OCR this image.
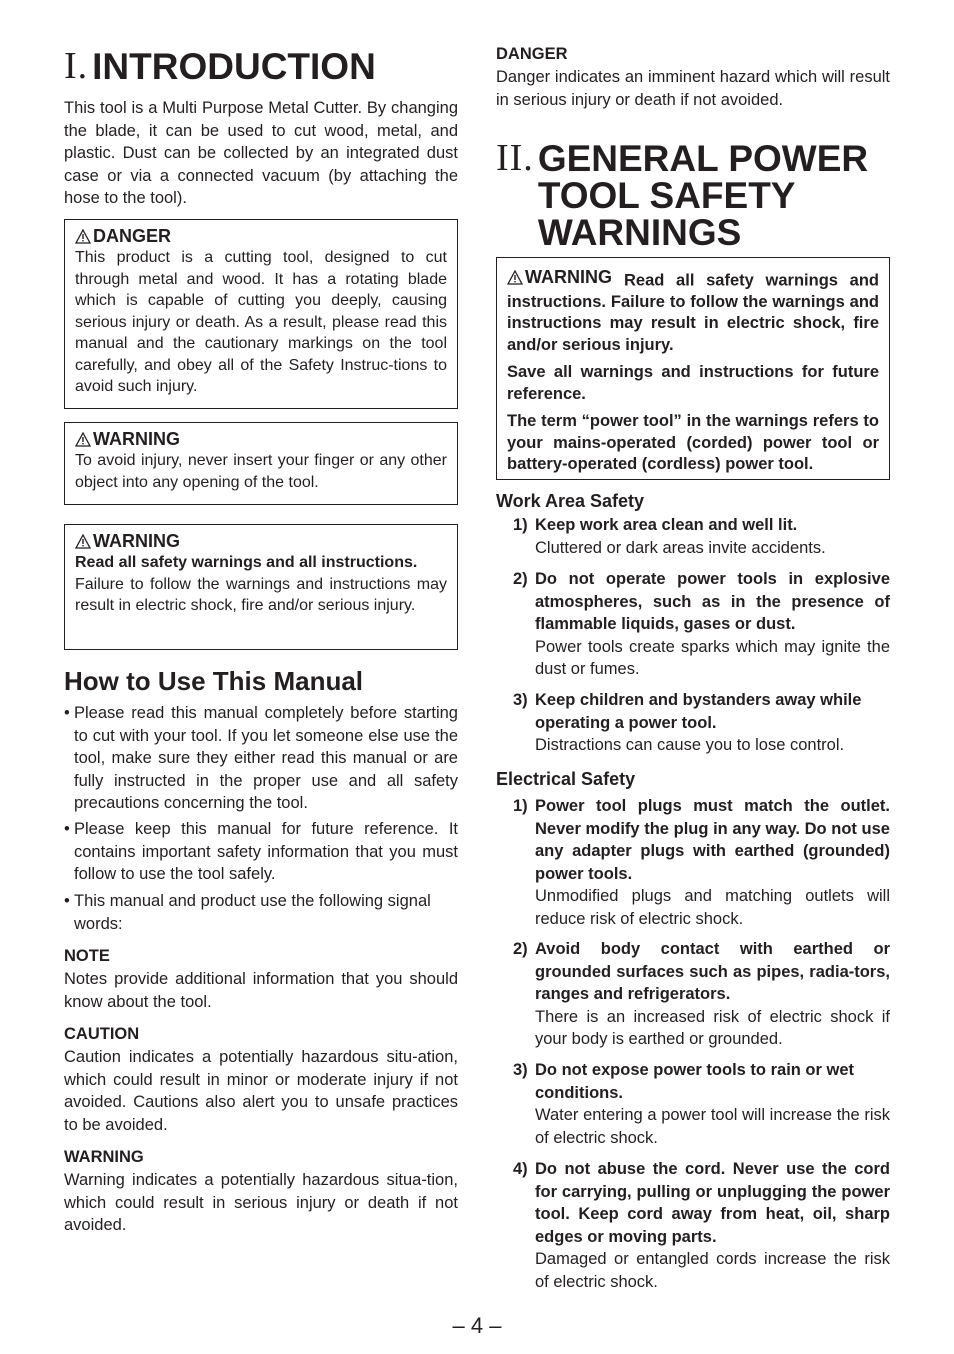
I. INTRODUCTION
This tool is a Multi Purpose Metal Cutter. By changing the blade, it can be used to cut wood, metal, and plastic. Dust can be collected by an integrated dust case or via a connected vacuum (by attaching the hose to the tool).
DANGER
This product is a cutting tool, designed to cut through metal and wood. It has a rotating blade which is capable of cutting you deeply, causing serious injury or death. As a result, please read this manual and the cautionary markings on the tool carefully, and obey all of the Safety Instruc-tions to avoid such injury.
WARNING
To avoid injury, never insert your finger or any other object into any opening of the tool.
WARNING
Read all safety warnings and all instructions.
Failure to follow the warnings and instructions may result in electric shock, fire and/or serious injury.
How to Use This Manual
• Please read this manual completely before starting to cut with your tool. If you let someone else use the tool, make sure they either read this manual or are fully instructed in the proper use and all safety precautions concerning the tool.
• Please keep this manual for future reference. It contains important safety information that you must follow to use the tool safely.
• This manual and product use the following signal words:
NOTE
Notes provide additional information that you should know about the tool.
CAUTION
Caution indicates a potentially hazardous situ-ation, which could result in minor or moderate injury if not avoided. Cautions also alert you to unsafe practices to be avoided.
WARNING
Warning indicates a potentially hazardous situa-tion, which could result in serious injury or death if not avoided.
DANGER
Danger indicates an imminent hazard which will result in serious injury or death if not avoided.
II. GENERAL POWER
TOOL SAFETY
WARNINGS
WARNING Read all safety warnings and instructions. Failure to follow the warnings and instructions may result in electric shock, fire and/or serious injury.
Save all warnings and instructions for future reference.
The term “power tool” in the warnings refers to your mains-operated (corded) power tool or battery-operated (cordless) power tool.
Work Area Safety
1) Keep work area clean and well lit.
Cluttered or dark areas invite accidents.
2) Do not operate power tools in explosive atmospheres, such as in the presence of flammable liquids, gases or dust.
Power tools create sparks which may ignite the dust or fumes.
3) Keep children and bystanders away while operating a power tool.
Distractions can cause you to lose control.
Electrical Safety
1) Power tool plugs must match the outlet. Never modify the plug in any way. Do not use any adapter plugs with earthed (grounded) power tools.
Unmodified plugs and matching outlets will reduce risk of electric shock.
2) Avoid body contact with earthed or grounded surfaces such as pipes, radia-tors, ranges and refrigerators.
There is an increased risk of electric shock if your body is earthed or grounded.
3) Do not expose power tools to rain or wet conditions.
Water entering a power tool will increase the risk of electric shock.
4) Do not abuse the cord. Never use the cord for carrying, pulling or unplugging the power tool. Keep cord away from heat, oil, sharp edges or moving parts.
Damaged or entangled cords increase the risk of electric shock.
– 4 –
